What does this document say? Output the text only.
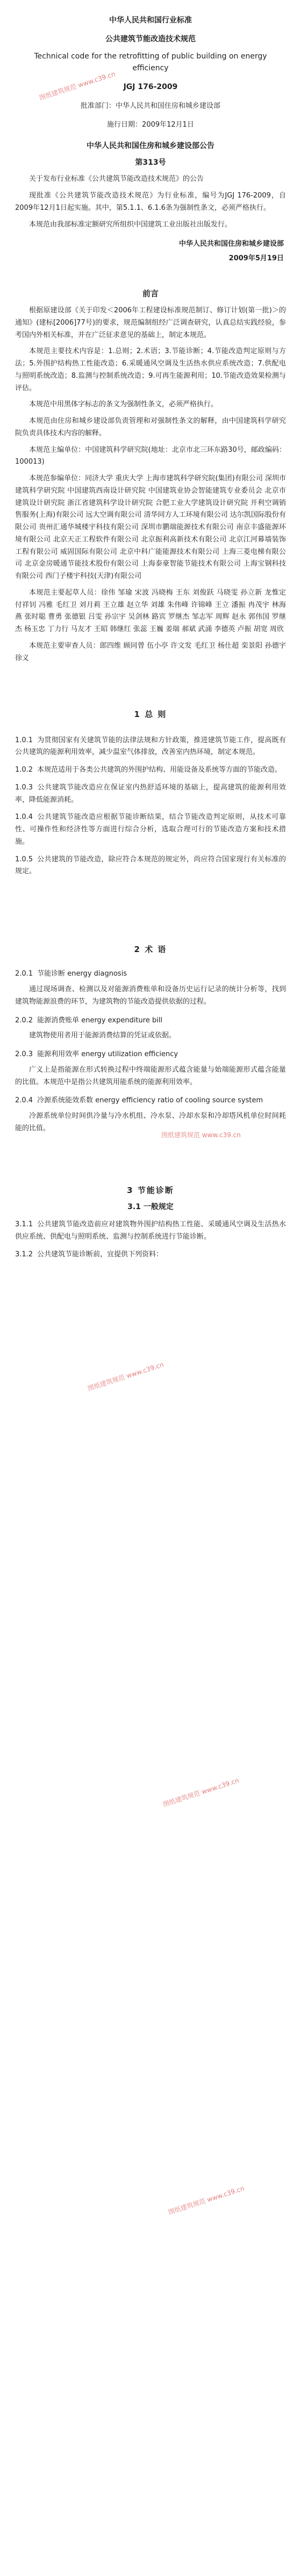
中华人民共和国行业标准
公共建筑节能改造技术规范
Technical code for the retrofitting of public building on energy efficiency
JGJ 176-2009
批准部门：中华人民共和国住房和城乡建设部
施行日期：2009年12月1日
中华人民共和国住房和城乡建设部公告
第313号

关于发布行业标准《公共建筑节能改造技术规范》的公告

现批准《公共建筑节能改造技术规范》为行业标准，编号为JGJ 176-2009，自2009年12月1日起实施。其中，第5.1.1、6.1.6条为强制性条文，必须严格执行。

本规范由我部标准定额研究所组织中国建筑工业出版社出版发行。

中华人民共和国住房和城乡建设部
2009年5月19日
前言

根据原建设部《关于印发＜2006年工程建设标准规范制订、修订计划(第一批)＞的通知》(建标[2006]77号)的要求，规范编制组经广泛调查研究，认真总结实践经验，参考国内外相关标准，并在广泛征求意见的基础上，制定本规范。

本规范主要技术内容是：1.总则；2.术语；3.节能诊断；4.节能改造判定原则与方法；5.外围护结构热工性能改造；6.采暖通风空调及生活热水供应系统改造；7.供配电与照明系统改造；8.监测与控制系统改造；9.可再生能源利用；10.节能改造效果检测与评估。

本规范中用黑体字标志的条文为强制性条文，必须严格执行。

本规范由住房和城乡建设部负责管理和对强制性条文的解释，由中国建筑科学研究院负责具体技术内容的解释。

本规范主编单位：中国建筑科学研究院(地址：北京市北三环东路30号，邮政编码：100013)

本规范参编单位：同济大学 重庆大学 上海市建筑科学研究院(集团)有限公司 深圳市建筑科学研究院 中国建筑西南设计研究院 中国建筑业协会智能建筑专业委员会 北京市建筑设计研究院 浙江省建筑科学设计研究院 合肥工业大学建筑设计研究院 开利空调销售服务(上海)有限公司 远大空调有限公司 清华同方人工环境有限公司 达尔凯国际股份有限公司 贵州汇通华城楼宇科技有限公司 深圳市鹏瑞能源技术有限公司 南京丰盛能源环境有限公司 北京天正工程软件有限公司 北京振利高新技术有限公司 北京江河幕墙装饰工程有限公司 威固国际有限公司 北京中科广能能源技术有限公司 上海三菱电梯有限公司 北京金房暖通节能技术股份有限公司 上海泰豪智能节能技术有限公司 上海宝钢科技有限公司 西门子楼宇科技(天津)有限公司

本规范主要起草人员：徐伟 邹瑜 宋波 冯晓梅 王东 刘俊跃 马晓雯 孙立新 龙惟定 付祥钊 冯雅 毛红卫 刘月莉 王立雄 赵立华 刘雄 朱伟峰 许锦峰 王立 潘振 冉茂宇 林海燕 张时聪 曹勇 张德银 吕雯 孙宗宇 吴剑林 路宾 罗继杰 邹志军 周辉 赵永 郭伟国 罗继杰 杨玉忠 丁力行 马友才 王昭 韩继红 张蕊 王巍 姜瑞 郝斌 武涌 李德英 卢振 胡宽 周欣

本规范主要审查人员：郎四维 顾同曾 伍小亭 许文发 毛红卫 杨仕超 栾景阳 孙德宇 徐义

1 总 则

1.0.1 为贯彻国家有关建筑节能的法律法规和方针政策，推进建筑节能工作，提高既有公共建筑的能源利用效率，减少温室气体排放，改善室内热环境，制定本规范。

1.0.2 本规范适用于各类公共建筑的外围护结构、用能设备及系统等方面的节能改造。

1.0.3 公共建筑节能改造应在保证室内热舒适环境的基础上，提高建筑的能源利用效率，降低能源消耗。

1.0.4 公共建筑节能改造应根据节能诊断结果，结合节能改造判定原则，从技术可靠性、可操作性和经济性等方面进行综合分析，选取合理可行的节能改造方案和技术措施。

1.0.5 公共建筑的节能改造，除应符合本规范的规定外，尚应符合国家现行有关标准的规定。

2 术 语
2.0.1 节能诊断 energy diagnosis

通过现场调查、检测以及对能源消费账单和设备历史运行记录的统计分析等，找到建筑物能源浪费的环节，为建筑物的节能改造提供依据的过程。

2.0.2 能源消费账单 energy expenditure bill

建筑物使用者用于能源消费结算的凭证或依据。

2.0.3 能源利用效率 energy utilization efficiency

广义上是指能源在形式转换过程中终端能源形式蕴含能量与始端能源形式蕴含能量的比值。本规范中是指公共建筑用能系统的能源利用效率。

2.0.4 冷源系统能效系数 energy efficiency ratio of cooling source system

冷源系统单位时间供冷量与冷水机组、冷水泵、冷却水泵和冷却塔风机单位时间耗能的比值。

3 节能诊断
3.1 一般规定

3.1.1 公共建筑节能改造前应对建筑物外围护结构热工性能、采暖通风空调及生活热水供应系统、供配电与照明系统、监测与控制系统进行节能诊断。

3.1.2 公共建筑节能诊断前，宜提供下列资料：

图纸建筑规范 www.c39.cn
图纸建筑规范 www.c39.cn
图纸建筑规范 www.c39.cn
图纸建筑规范 www.c39.cn
图纸建筑规范 www.c39.cn
